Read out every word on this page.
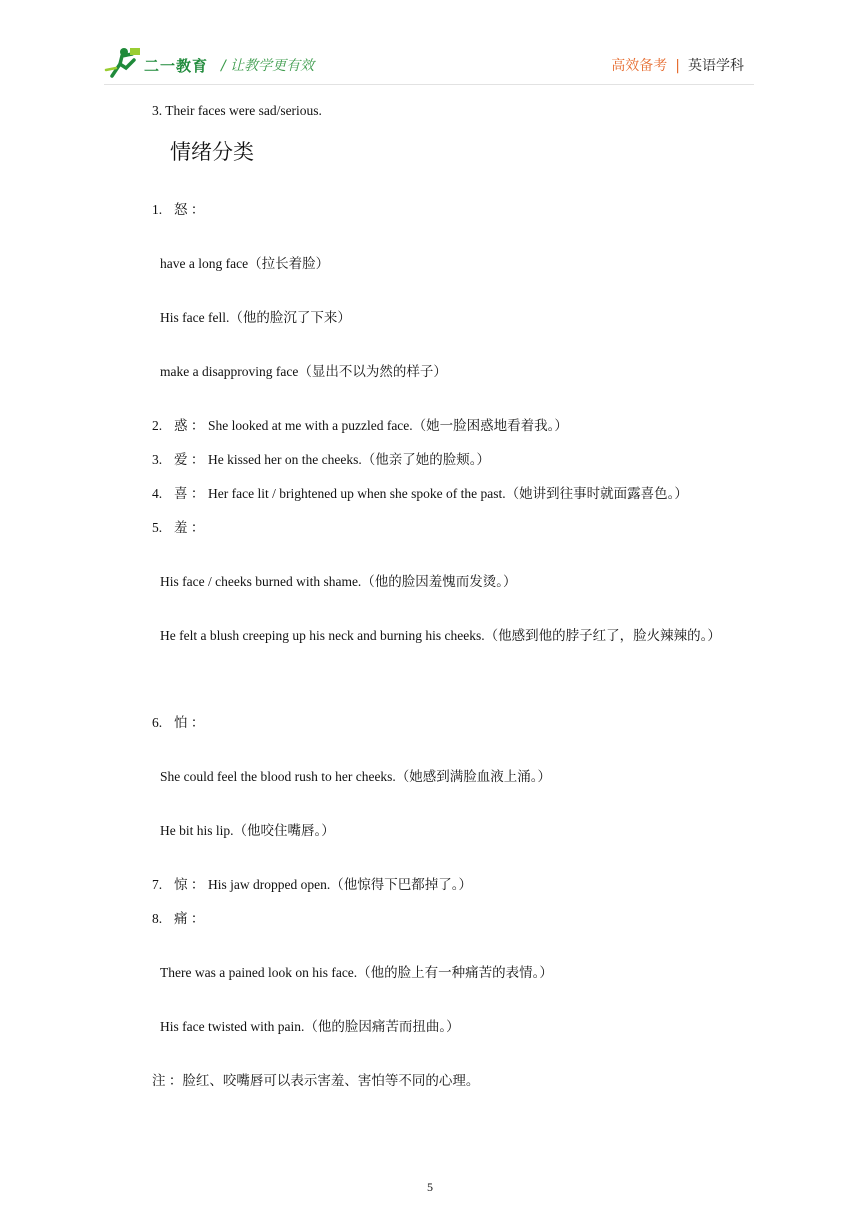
二一教育 / 让教学更有效	高效备考 | 英语学科
3. Their faces were sad/serious.
情绪分类
1. 怒 ：
have a long face（拉长着脸）
His face fell.（他的脸沉了下来）
make a disapproving face（显出不以为然的样子）
2. 惑 ： She looked at me with a puzzled face.（她一脸困惑地看着我。）
3. 爱 ： He kissed her on the cheeks.（他亲了她的脸颊。）
4. 喜 ： Her face lit / brightened up when she spoke of the past.（她讲到往事时就面露喜色。）
5. 羞 ：
His face / cheeks burned with shame.（他的脸因羞愧而发烫。）
He felt a blush creeping up his neck and burning his cheeks.（他感到他的脖子红了，脸火辣辣的。）
6. 怕 ：
She could feel the blood rush to her cheeks.（她感到满脸血液上涌。）
He bit his lip.（他咬住嘴唇。）
7. 惊 ： His jaw dropped open.（他惊得下巴都掉了。）
8. 痛 ：
There was a pained look on his face.（他的脸上有一种痛苦的表情。）
His face twisted with pain.（他的脸因痛苦而扭曲。）
注 ：脸红、咬嘴唇可以表示害羞、害怕等不同的心理。
5
